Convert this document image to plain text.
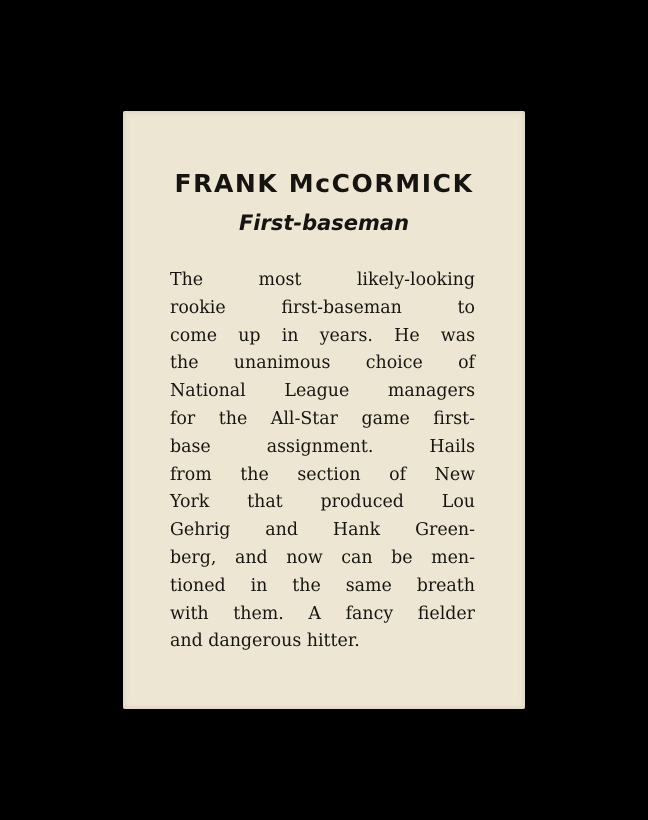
FRANK McCORMICK
First-baseman
The most likely-looking
rookie first-baseman to
come up in years. He was
the unanimous choice of
National League managers
for the All-Star game first-
base assignment. Hails
from the section of New
York that produced Lou
Gehrig and Hank Green-
berg, and now can be men-
tioned in the same breath
with them. A fancy fielder
and dangerous hitter.
